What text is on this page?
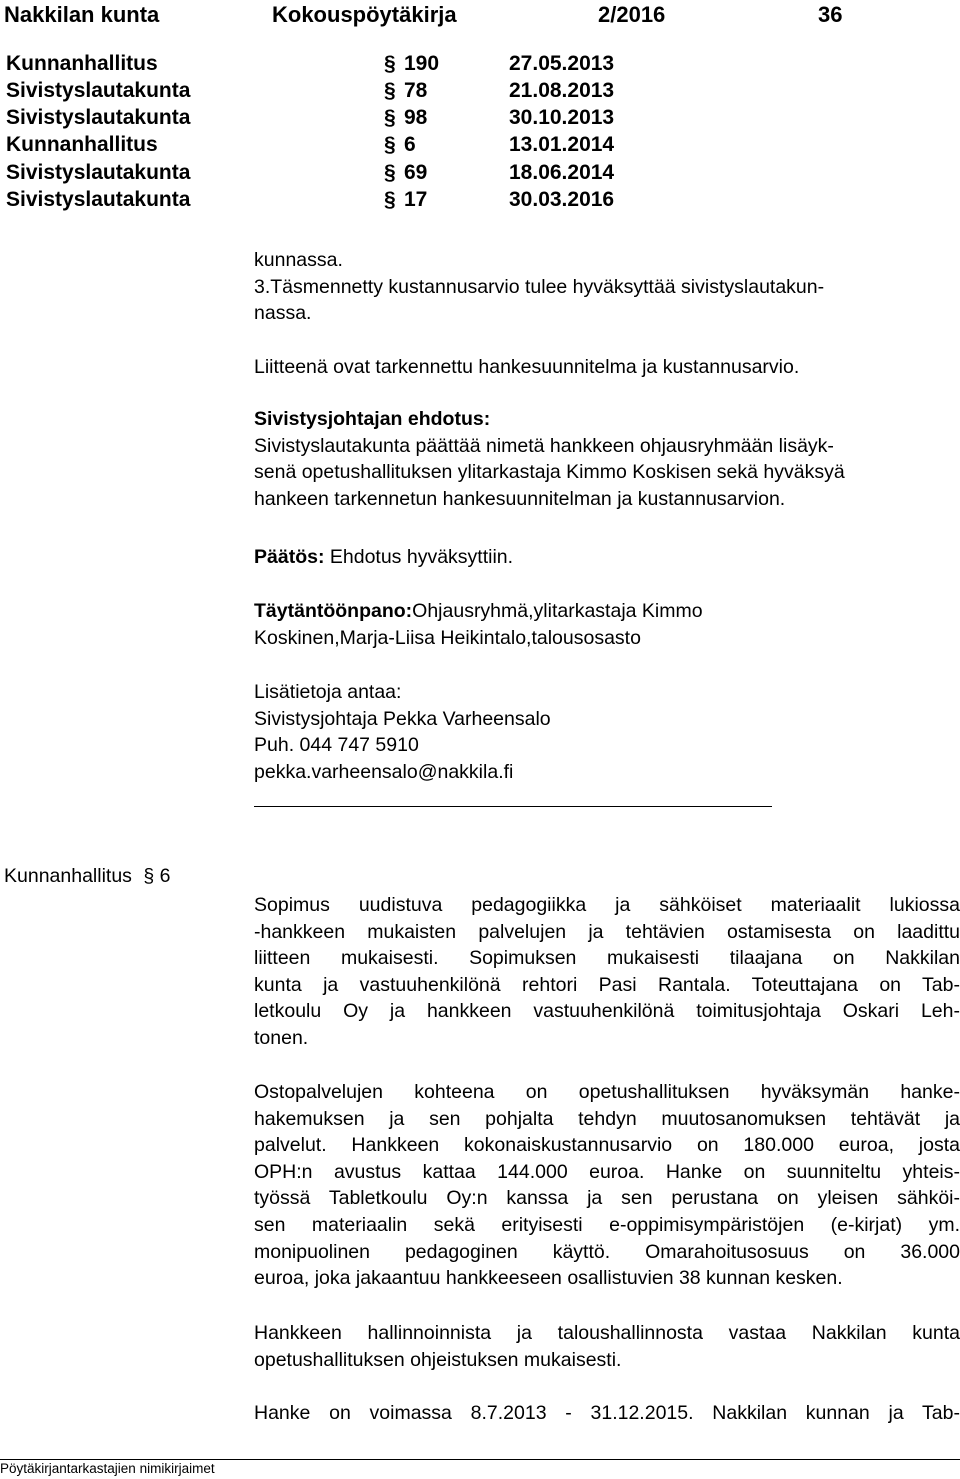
Nakkilan kunta	Kokouspöytäkirja	2/2016	36
Kunnanhallitus	§ 190	27.05.2013
Sivistyslautakunta	§ 78	21.08.2013
Sivistyslautakunta	§ 98	30.10.2013
Kunnanhallitus	§ 6	13.01.2014
Sivistyslautakunta	§ 69	18.06.2014
Sivistyslautakunta	§ 17	30.03.2016
kunnassa.
3.Täsmennetty kustannusarvio tulee hyväksyttää sivistyslautakun-
nassa.
Liitteenä ovat tarkennettu hankesuunnitelma ja kustannusarvio.
Sivistysjohtajan ehdotus:
Sivistyslautakunta päättää nimetä hankkeen ohjausryhmään lisäyk-
senä opetushallituksen ylitarkastaja Kimmo Koskisen sekä hyväksyä
hankeen tarkennetun hankesuunnitelman ja kustannusarvion.
Päätös: Ehdotus hyväksyttiin.
Täytäntöönpano:Ohjausryhmä,ylitarkastaja Kimmo
Koskinen,Marja-Liisa Heikintalo,talousosasto
Lisätietoja antaa:
Sivistysjohtaja Pekka Varheensalo
Puh. 044 747 5910
pekka.varheensalo@nakkila.fi
Kunnanhallitus § 6
Sopimus uudistuva pedagogiikka ja sähköiset materiaalit lukiossa
-hankkeen mukaisten palvelujen ja tehtävien ostamisesta on laadittu
liitteen mukaisesti. Sopimuksen mukaisesti tilaajana on Nakkilan
kunta ja vastuuhenkilönä rehtori Pasi Rantala. Toteuttajana on Tab-
letkoulu Oy ja hankkeen vastuuhenkilönä toimitusjohtaja Oskari Leh-
tonen.
Ostopalvelujen kohteena on opetushallituksen hyväksymän hanke-
hakemuksen ja sen pohjalta tehdyn muutosanomuksen tehtävät ja
palvelut. Hankkeen kokonaiskustannusarvio on 180.000 euroa, josta
OPH:n avustus kattaa 144.000 euroa. Hanke on suunniteltu yhteis-
työssä Tabletkoulu Oy:n kanssa ja sen perustana on yleisen sähköi-
sen materiaalin sekä erityisesti e-oppimisympäristöjen (e-kirjat) ym.
monipuolinen pedagoginen käyttö. Omarahoitusosuus on 36.000
euroa, joka jakaantuu hankkeeseen osallistuvien 38 kunnan kesken.
Hankkeen hallinnoinnista ja taloushallinnosta vastaa Nakkilan kunta
opetushallituksen ohjeistuksen mukaisesti.
Hanke on voimassa 8.7.2013 - 31.12.2015. Nakkilan kunnan ja Tab-
Pöytäkirjantarkastajien nimikirjaimet
